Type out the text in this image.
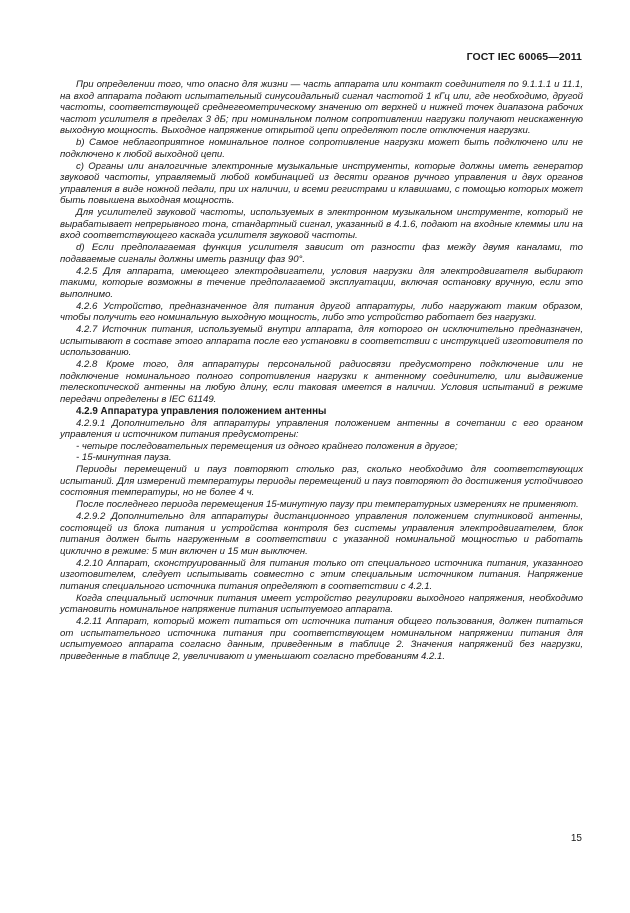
ГОСТ IEC 60065—2011

При определении того, что опасно для жизни — часть аппарата или контакт соединителя по 9.1.1.1 и 11.1, на вход аппарата подают испытательный синусоидальный сигнал частотой 1 кГц или, где необходимо, другой частоты, соответствующей среднегеометрическому значению от верхней и нижней точек диапазона рабочих частот усилителя в пределах 3 дБ; при номинальном полном сопротивлении нагрузки получают неискаженную выходную мощность. Выходное напряжение открытой цепи определяют после отключения нагрузки.

b) Самое неблагоприятное номинальное полное сопротивление нагрузки может быть подключено или не подключено к любой выходной цепи.

c) Органы или аналогичные электронные музыкальные инструменты, которые должны иметь генератор звуковой частоты, управляемый любой комбинацией из десяти органов ручного управления и двух органов управления в виде ножной педали, при их наличии, и всеми регистрами и клавишами, с помощью которых может быть повышена выходная мощность.

Для усилителей звуковой частоты, используемых в электронном музыкальном инструменте, который не вырабатывает непрерывного тона, стандартный сигнал, указанный в 4.1.6, подают на входные клеммы или на вход соответствующего каскада усилителя звуковой частоты.

d) Если предполагаемая функция усилителя зависит от разности фаз между двумя каналами, то подаваемые сигналы должны иметь разницу фаз 90°.

4.2.5 Для аппарата, имеющего электродвигатели, условия нагрузки для электродвигателя выбирают такими, которые возможны в течение предполагаемой эксплуатации, включая остановку вручную, если это выполнимо.

4.2.6 Устройство, предназначенное для питания другой аппаратуры, либо нагружают таким образом, чтобы получить его номинальную выходную мощность, либо это устройство работает без нагрузки.

4.2.7 Источник питания, используемый внутри аппарата, для которого он исключительно предназначен, испытывают в составе этого аппарата после его установки в соответствии с инструкцией изготовителя по использованию.

4.2.8 Кроме того, для аппаратуры персональной радиосвязи предусмотрено подключение или не подключение номинального полного сопротивления нагрузки к антенному соединителю, или выдвижение телескопической антенны на любую длину, если таковая имеется в наличии. Условия испытаний в режиме передачи определены в IEC 61149.

4.2.9 Аппаратура управления положением антенны

4.2.9.1 Дополнительно для аппаратуры управления положением антенны в сочетании с его органом управления и источником питания предусмотрены:

- четыре последовательных перемещения из одного крайнего положения в другое;

- 15-минутная пауза.

Периоды перемещений и пауз повторяют столько раз, сколько необходимо для соответствующих испытаний. Для измерений температуры периоды перемещений и пауз повторяют до достижения устойчивого состояния температуры, но не более 4 ч.

После последнего периода перемещения 15-минутную паузу при температурных измерениях не применяют.

4.2.9.2 Дополнительно для аппаратуры дистанционного управления положением спутниковой антенны, состоящей из блока питания и устройства контроля без системы управления электродвигателем, блок питания должен быть нагруженным в соответствии с указанной номинальной мощностью и работать циклично в режиме: 5 мин включен и 15 мин выключен.

4.2.10 Аппарат, сконструированный для питания только от специального источника питания, указанного изготовителем, следует испытывать совместно с этим специальным источником питания. Напряжение питания специального источника питания определяют в соответствии с 4.2.1.

Когда специальный источник питания имеет устройство регулировки выходного напряжения, необходимо установить номинальное напряжение питания испытуемого аппарата.

4.2.11 Аппарат, который может питаться от источника питания общего пользования, должен питаться от испытательного источника питания при соответствующем номинальном напряжении питания для испытуемого аппарата согласно данным, приведенным в таблице 2. Значения напряжений без нагрузки, приведенные в таблице 2, увеличивают и уменьшают согласно требованиям 4.2.1.

15
